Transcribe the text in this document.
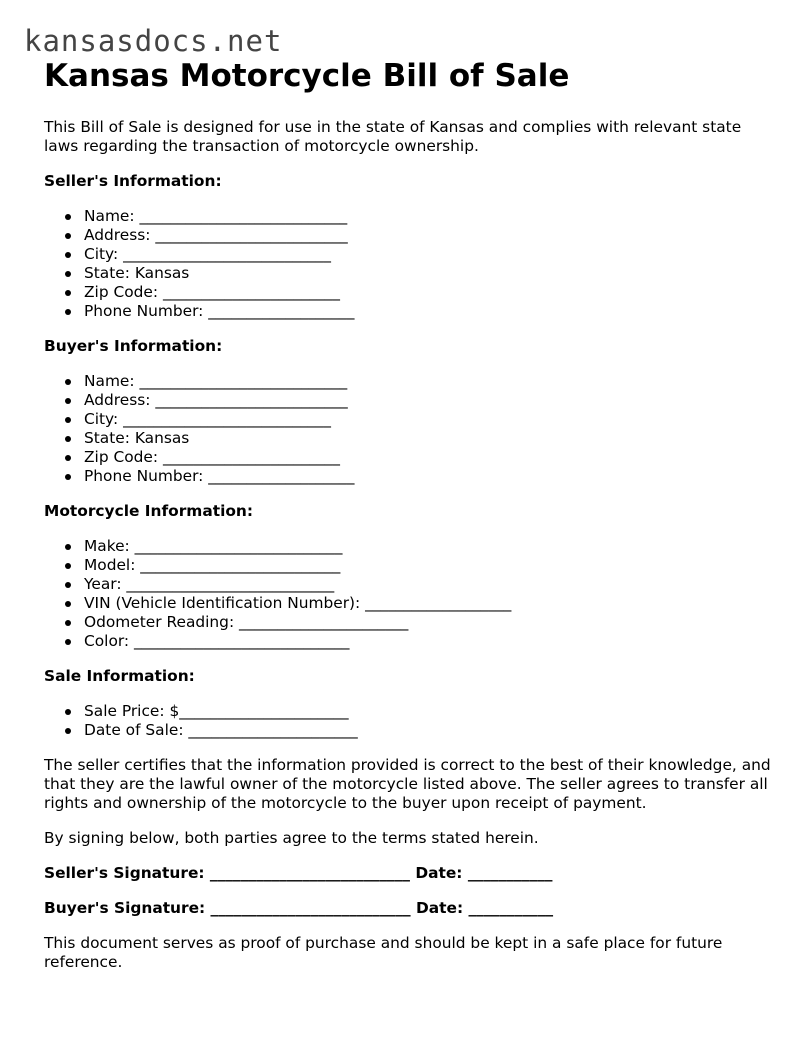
kansasdocs.net
Kansas Motorcycle Bill of Sale

This Bill of Sale is designed for use in the state of Kansas and complies with relevant state laws regarding the transaction of motorcycle ownership.

Seller's Information:
Name: ___________________________
Address: _________________________
City: ___________________________
State: Kansas
Zip Code: _______________________
Phone Number: ___________________
Buyer's Information:
Name: ___________________________
Address: _________________________
City: ___________________________
State: Kansas
Zip Code: _______________________
Phone Number: ___________________
Motorcycle Information:
Make: ___________________________
Model: __________________________
Year: ___________________________
VIN (Vehicle Identification Number): ___________________
Odometer Reading: ______________________
Color: ____________________________
Sale Information:
Sale Price: $______________________
Date of Sale: ______________________

The seller certifies that the information provided is correct to the best of their knowledge, and that they are the lawful owner of the motorcycle listed above. The seller agrees to transfer all rights and ownership of the motorcycle to the buyer upon receipt of payment.

By signing below, both parties agree to the terms stated herein.

Seller's Signature: __________________________ Date: ___________
Buyer's Signature: __________________________ Date: ___________

This document serves as proof of purchase and should be kept in a safe place for future reference.
